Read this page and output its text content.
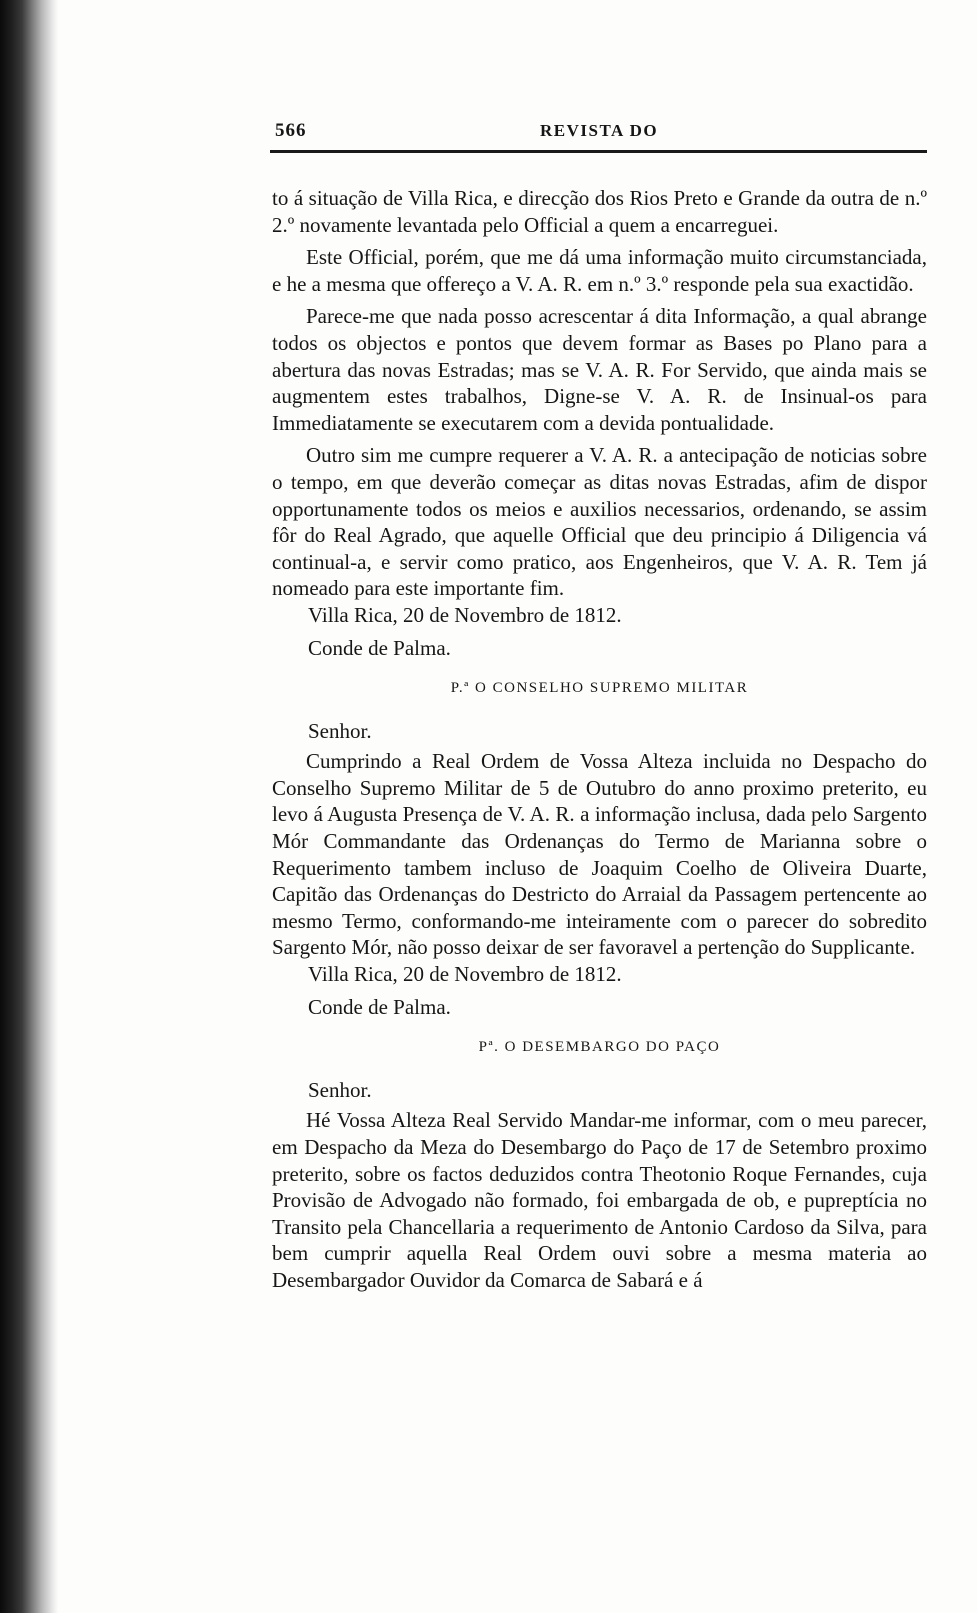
566	REVISTA DO

to á situação de Villa Rica, e direcção dos Rios Preto e Grande da outra de n.º 2.º novamente levantada pelo Official a quem a encarreguei.

Este Official, porém, que me dá uma informação muito circumstanciada, e he a mesma que offereço a V. A. R. em n.º 3.º responde pela sua exactidão.

Parece-me que nada posso acrescentar á dita Informação, a qual abrange todos os objectos e pontos que devem formar as Bases po Plano para a abertura das novas Estradas; mas se V. A. R. For Servido, que ainda mais se augmentem estes trabalhos, Digne-se V. A. R. de Insinual-os para Immediatamente se executarem com a devida pontualidade.

Outro sim me cumpre requerer a V. A. R. a antecipação de noticias sobre o tempo, em que deverão começar as ditas novas Estradas, afim de dispor opportunamente todos os meios e auxilios necessarios, ordenando, se assim fôr do Real Agrado, que aquelle Official que deu principio á Diligencia vá continual-a, e servir como pratico, aos Engenheiros, que V. A. R. Tem já nomeado para este importante fim.

Villa Rica, 20 de Novembro de 1812.

Conde de Palma.

P.ª O CONSELHO SUPREMO MILITAR

Senhor.

Cumprindo a Real Ordem de Vossa Alteza incluida no Despacho do Conselho Supremo Militar de 5 de Outubro do anno proximo preterito, eu levo á Augusta Presença de V. A. R. a informação inclusa, dada pelo Sargento Mór Commandante das Ordenanças do Termo de Marianna sobre o Requerimento tambem incluso de Joaquim Coelho de Oliveira Duarte, Capitão das Ordenanças do Destricto do Arraial da Passagem pertencente ao mesmo Termo, conformando-me inteiramente com o parecer do sobredito Sargento Mór, não posso deixar de ser favoravel a pertenção do Supplicante.

Villa Rica, 20 de Novembro de 1812.

Conde de Palma.

Pª. O DESEMBARGO DO PAÇO

Senhor.

Hé Vossa Alteza Real Servido Mandar-me informar, com o meu parecer, em Despacho da Meza do Desembargo do Paço de 17 de Setembro proximo preterito, sobre os factos deduzidos contra Theotonio Roque Fernandes, cuja Provisão de Advogado não formado, foi embargada de ob, e pupreptícia no Transito pela Chancellaria a requerimento de Antonio Cardoso da Silva, para bem cumprir aquella Real Ordem ouvi sobre a mesma materia ao Desembargador Ouvidor da Comarca de Sabará e á
